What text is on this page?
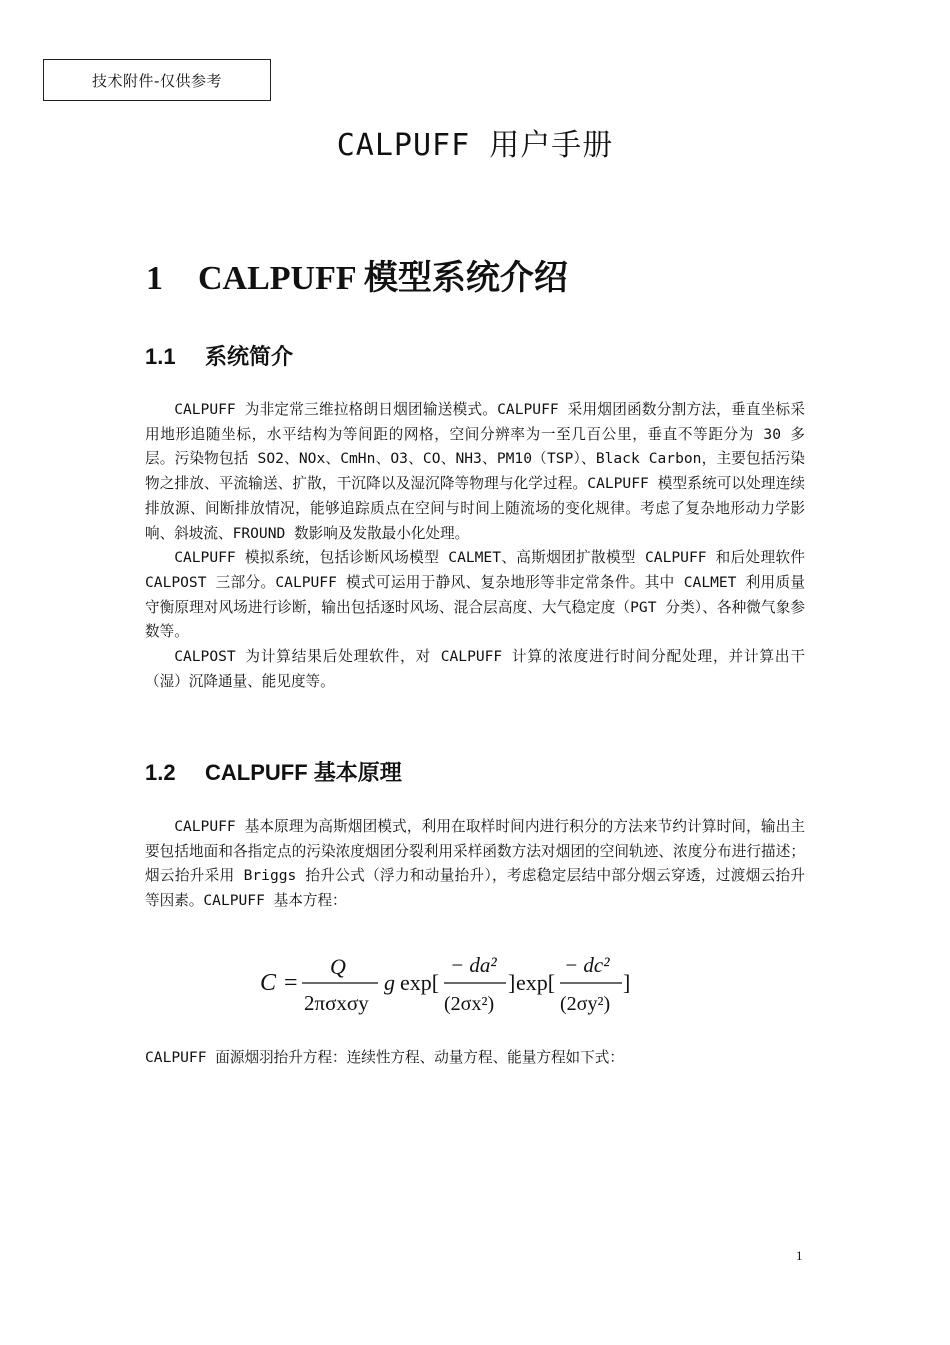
技术附件-仅供参考
CALPUFF 用户手册
1 CALPUFF 模型系统介绍
1.1 系统简介

CALPUFF 为非定常三维拉格朗日烟团输送模式。CALPUFF 采用烟团函数分割方法，垂直坐标采用地形追随坐标，水平结构为等间距的网格，空间分辨率为一至几百公里，垂直不等距分为 30 多层。污染物包括 SO2、NOx、CmHn、O3、CO、NH3、PM10（TSP）、Black Carbon，主要包括污染物之排放、平流输送、扩散，干沉降以及湿沉降等物理与化学过程。CALPUFF 模型系统可以处理连续排放源、间断排放情况，能够追踪质点在空间与时间上随流场的变化规律。考虑了复杂地形动力学影响、斜坡流、FROUND 数影响及发散最小化处理。

CALPUFF 模拟系统，包括诊断风场模型 CALMET、高斯烟团扩散模型 CALPUFF 和后处理软件 CALPOST 三部分。CALPUFF 模式可运用于静风、复杂地形等非定常条件。其中 CALMET 利用质量守衡原理对风场进行诊断，输出包括逐时风场、混合层高度、大气稳定度（PGT 分类）、各种微气象参数等。

CALPOST 为计算结果后处理软件，对 CALPUFF 计算的浓度进行时间分配处理，并计算出干（湿）沉降通量、能见度等。

1.2 CALPUFF 基本原理

CALPUFF 基本原理为高斯烟团模式，利用在取样时间内进行积分的方法来节约计算时间，输出主要包括地面和各指定点的污染浓度烟团分裂利用采样函数方法对烟团的空间轨迹、浓度分布进行描述；烟云抬升采用 Briggs 抬升公式（浮力和动量抬升），考虑稳定层结中部分烟云穿透，过渡烟云抬升等因素。CALPUFF 基本方程：

C =
Q
2πσxσy
g exp[
− da²
(2σx²)
] exp[
− dc²
(2σy²)
]
CALPUFF 面源烟羽抬升方程：连续性方程、动量方程、能量方程如下式：
1
